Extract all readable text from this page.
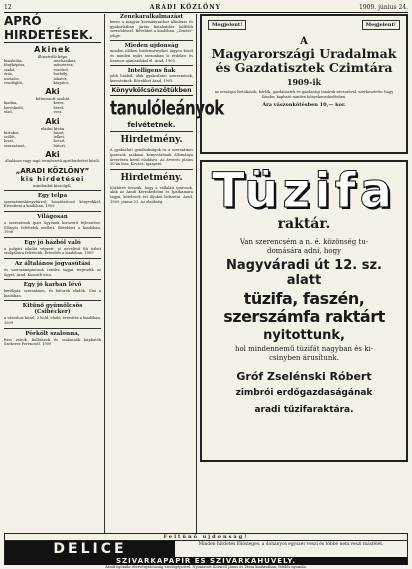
12	ARADI KÖZLÖNY	1909. június 24.
APRÓ HIRDETÉSEK.
Akinek
illusztráló képe
kisiskolás,	mechanikus,
fényképész,	műszerész,
szabó,	varrónő,
órás,	borbély,
asztalos,	lakatos,
vendéglős,	kárpitos,
Aki
bútorozott szobát
kiadna,	keres,
kereskedő,	bérel,
elad,	vesz,
Aki
eladni kíván
birtokot,	házat,
szőlőt,	telket,
lovat,	kocsit,
szerszámot,	bútort,
Aki
általános vagy ingó természetű apróhirdetést közöl,
„ARADI KÖZLÖNY”
kis hirdetései
mindenkit kiszolgál.
Egy telpa
szerszámoskönyvtárral, hozzátartozó könyvekkel, Értesíteni a kiadóban. 1909
Világosan
a szerszámok ipari ügyének korszerű fejlesztése. Előnyös feltételek mellett. Bővebbet a kiadóban. 1908
Egy jó házból való
a polgári iskolát végzett, jó nevelésű fiú üzleti szolgálatra felvétetik. Értesítés a kiadóban. 1909
Az általános jogvasútási
és szerszámiparosok rendes tagjai terjesztik az ügyet, Arad, Kossuth-utca.
Egy jó karban lévő
kerékpár, szerszámos, és bútorok eladók. Cím a kiadóban.
Kitűnő gyümölcsös (Csibécker)
a városhoz közel, 3 hold, eladó, értesítés a kiadóban. 1909
Pörkölt szalonna,
friss zsírok, kolbászok és szalonnák kaphatók Szekeres Ferencnél. 1909
Zenekaralkalmazást
keres a magyar kormányzathoz alkalmas és gyakorlatban jártas fiatalember külföldi szerződéssel. Bővebbet a kiadóban. „Zenész” jelige.
Mieden ujdonság
minden időben hirdetményeket ingyen közöl és minden nyári szezonban is érdekes és hasznos ajánlatokkal él. Arad, 1909.
Intelligens fiak
jobb házból, akik gyakorlatot szereznének, kerestetnek. Bővebbet Arad, 1909.
Könyvkölcsönzőtükben
tanulóleányok
felvétetnek.
Hirdetmény.
A gyakorlati gondnokságok és a szerszámos iparosok szakmai könyvtárának állománya árverésen kerül eladásra. Az árverés június 30-án lesz. Kovács, igazgató.
Hirdetmény.
Közhírré tesszük, hogy a vállalati iparosok, akik az Aradi Kereskedelmi és Iparkamara tagjai, kötelesek évi díjukat befizetni. Arad, 1909. június 23. Az elnökség.
Megjelent!	Megjelent!
A
Magyarországi Uradalmak
és Gazdatisztek Czimtára
1909-ik
az országos birtokosok, bérlők, gazdatisztek és gazdasági tanárok névsorával, szerkesztette Nagy Sándor, kapható minden könyvkereskedésben.
Ára vászonkötésben 10,— kor.
Tüzifa
raktár.
Van szerencsém a n. é. közönség tu-
domására adni, hogy
Nagyváradi út 12. sz. alatt
tüzifa, faszén, szerszámfa raktárt
nyitottunk,
hol mindennemű tüzifát nagyban és ki-
csinyben árusítunk.
Gróf Zselénski Róbert
zimbrói erdőgazdaságának
aradi tűzifaraktára.
Feltünő ujdonság!
DELICE	Minden hirdetés fölösleges, a dohányos egyszer veszi és többé nem veszi másfélét.
SZIVARKAPAPÍR ES SZIVARKAHÜVELY.
Aradi nyomda részvénytársaság szedőgépeivel. Nyomatott Korwell János és Társa kiadásában, felelős nyomda.
